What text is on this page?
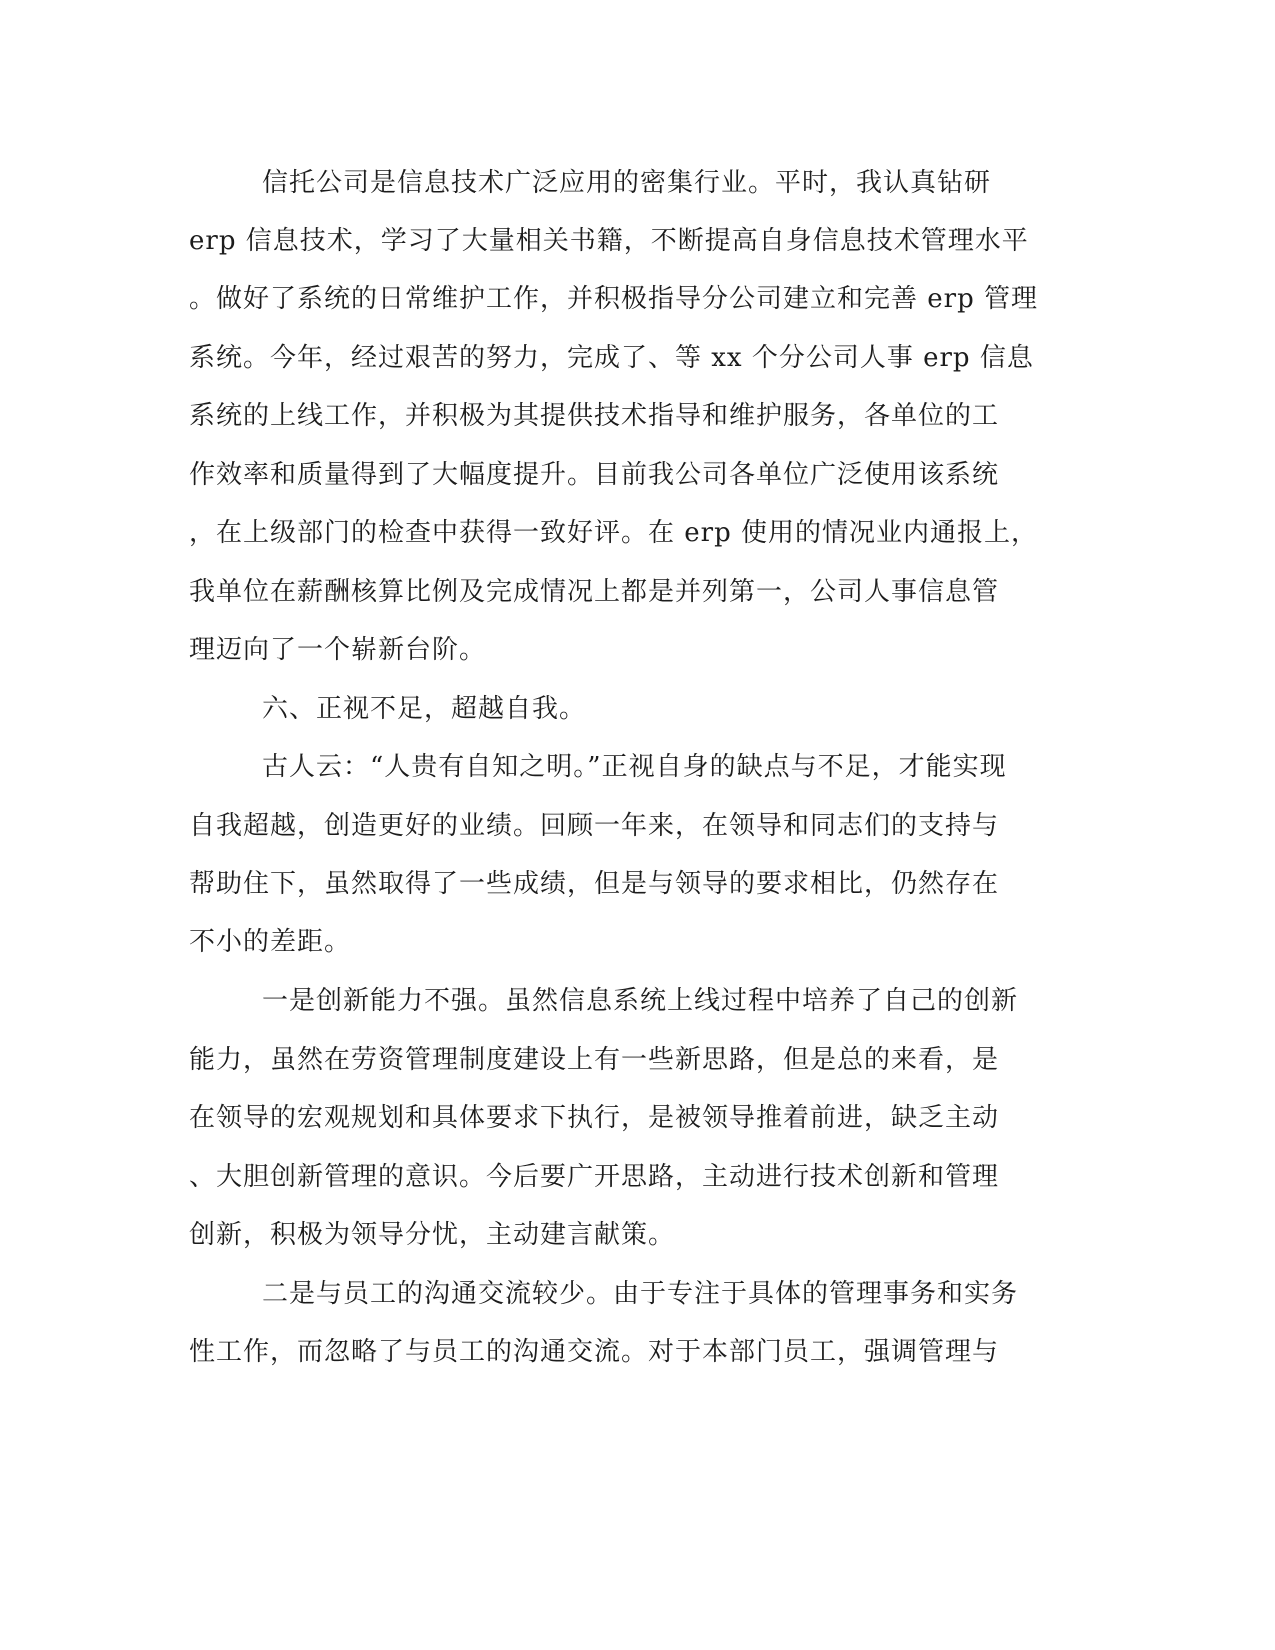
信托公司是信息技术广泛应用的密集行业。平时，我认真钻研
erp 信息技术，学习了大量相关书籍，不断提高自身信息技术管理水平
。做好了系统的日常维护工作，并积极指导分公司建立和完善 erp 管理
系统。今年，经过艰苦的努力，完成了、等 xx 个分公司人事 erp 信息
系统的上线工作，并积极为其提供技术指导和维护服务，各单位的工
作效率和质量得到了大幅度提升。目前我公司各单位广泛使用该系统
，在上级部门的检查中获得一致好评。在 erp 使用的情况业内通报上，
我单位在薪酬核算比例及完成情况上都是并列第一，公司人事信息管
理迈向了一个崭新台阶。
六、正视不足，超越自我。
古人云：“人贵有自知之明。”正视自身的缺点与不足，才能实现
自我超越，创造更好的业绩。回顾一年来，在领导和同志们的支持与
帮助住下，虽然取得了一些成绩，但是与领导的要求相比，仍然存在
不小的差距。
一是创新能力不强。虽然信息系统上线过程中培养了自己的创新
能力，虽然在劳资管理制度建设上有一些新思路，但是总的来看，是
在领导的宏观规划和具体要求下执行，是被领导推着前进，缺乏主动
、大胆创新管理的意识。今后要广开思路，主动进行技术创新和管理
创新，积极为领导分忧，主动建言献策。
二是与员工的沟通交流较少。由于专注于具体的管理事务和实务
性工作，而忽略了与员工的沟通交流。对于本部门员工，强调管理与
